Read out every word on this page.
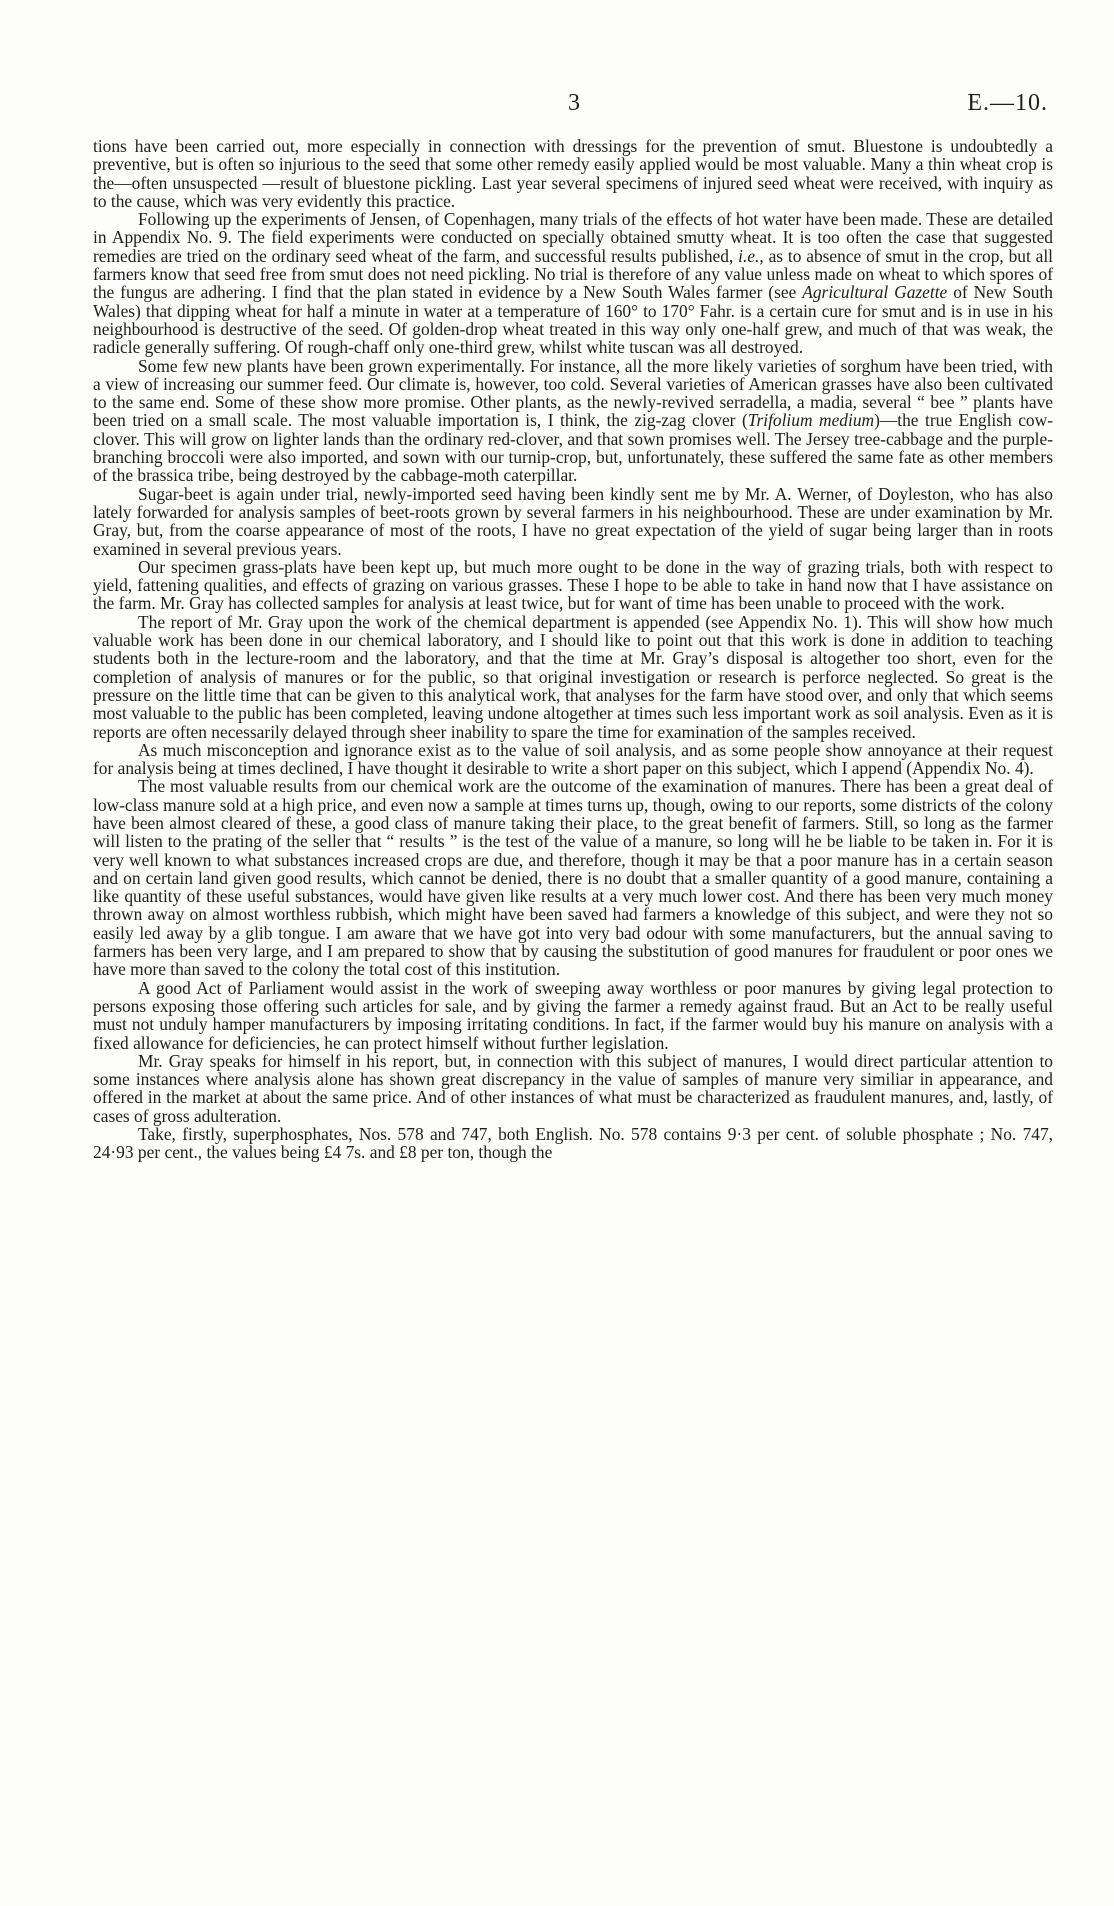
3	E.—10.

tions have been carried out, more especially in connection with dressings for the prevention of smut. Bluestone is undoubtedly a preventive, but is often so injurious to the seed that some other remedy easily applied would be most valuable. Many a thin wheat crop is the—often unsuspected —result of bluestone pickling. Last year several specimens of injured seed wheat were received, with inquiry as to the cause, which was very evidently this practice.

Following up the experiments of Jensen, of Copenhagen, many trials of the effects of hot water have been made. These are detailed in Appendix No. 9. The field experiments were conducted on specially obtained smutty wheat. It is too often the case that suggested remedies are tried on the ordinary seed wheat of the farm, and successful results published, i.e., as to absence of smut in the crop, but all farmers know that seed free from smut does not need pickling. No trial is therefore of any value unless made on wheat to which spores of the fungus are adhering. I find that the plan stated in evidence by a New South Wales farmer (see Agricultural Gazette of New South Wales) that dipping wheat for half a minute in water at a temperature of 160° to 170° Fahr. is a certain cure for smut and is in use in his neighbourhood is destructive of the seed. Of golden-drop wheat treated in this way only one-half grew, and much of that was weak, the radicle generally suffering. Of rough-chaff only one-third grew, whilst white tuscan was all destroyed.

Some few new plants have been grown experimentally. For instance, all the more likely varieties of sorghum have been tried, with a view of increasing our summer feed. Our climate is, however, too cold. Several varieties of American grasses have also been cultivated to the same end. Some of these show more promise. Other plants, as the newly-revived serradella, a madia, several “ bee ” plants have been tried on a small scale. The most valuable importation is, I think, the zig-zag clover (Trifolium medium)—the true English cow-clover. This will grow on lighter lands than the ordinary red-clover, and that sown promises well. The Jersey tree-cabbage and the purple-branching broccoli were also imported, and sown with our turnip-crop, but, unfortunately, these suffered the same fate as other members of the brassica tribe, being destroyed by the cabbage-moth caterpillar.

Sugar-beet is again under trial, newly-imported seed having been kindly sent me by Mr. A. Werner, of Doyleston, who has also lately forwarded for analysis samples of beet-roots grown by several farmers in his neighbourhood. These are under examination by Mr. Gray, but, from the coarse appearance of most of the roots, I have no great expectation of the yield of sugar being larger than in roots examined in several previous years.

Our specimen grass-plats have been kept up, but much more ought to be done in the way of grazing trials, both with respect to yield, fattening qualities, and effects of grazing on various grasses. These I hope to be able to take in hand now that I have assistance on the farm. Mr. Gray has collected samples for analysis at least twice, but for want of time has been unable to proceed with the work.

The report of Mr. Gray upon the work of the chemical department is appended (see Appendix No. 1). This will show how much valuable work has been done in our chemical laboratory, and I should like to point out that this work is done in addition to teaching students both in the lecture-room and the laboratory, and that the time at Mr. Gray’s disposal is altogether too short, even for the completion of analysis of manures or for the public, so that original investigation or research is perforce neglected. So great is the pressure on the little time that can be given to this analytical work, that analyses for the farm have stood over, and only that which seems most valuable to the public has been completed, leaving undone altogether at times such less important work as soil analysis. Even as it is reports are often necessarily delayed through sheer inability to spare the time for examination of the samples received.

As much misconception and ignorance exist as to the value of soil analysis, and as some people show annoyance at their request for analysis being at times declined, I have thought it desirable to write a short paper on this subject, which I append (Appendix No. 4).

The most valuable results from our chemical work are the outcome of the examination of manures. There has been a great deal of low-class manure sold at a high price, and even now a sample at times turns up, though, owing to our reports, some districts of the colony have been almost cleared of these, a good class of manure taking their place, to the great benefit of farmers. Still, so long as the farmer will listen to the prating of the seller that “ results ” is the test of the value of a manure, so long will he be liable to be taken in. For it is very well known to what substances increased crops are due, and therefore, though it may be that a poor manure has in a certain season and on certain land given good results, which cannot be denied, there is no doubt that a smaller quantity of a good manure, containing a like quantity of these useful substances, would have given like results at a very much lower cost. And there has been very much money thrown away on almost worthless rubbish, which might have been saved had farmers a knowledge of this subject, and were they not so easily led away by a glib tongue. I am aware that we have got into very bad odour with some manufacturers, but the annual saving to farmers has been very large, and I am prepared to show that by causing the substitution of good manures for fraudulent or poor ones we have more than saved to the colony the total cost of this institution.

A good Act of Parliament would assist in the work of sweeping away worthless or poor manures by giving legal protection to persons exposing those offering such articles for sale, and by giving the farmer a remedy against fraud. But an Act to be really useful must not unduly hamper manufacturers by imposing irritating conditions. In fact, if the farmer would buy his manure on analysis with a fixed allowance for deficiencies, he can protect himself without further legislation.

Mr. Gray speaks for himself in his report, but, in connection with this subject of manures, I would direct particular attention to some instances where analysis alone has shown great discrepancy in the value of samples of manure very similiar in appearance, and offered in the market at about the same price. And of other instances of what must be characterized as fraudulent manures, and, lastly, of cases of gross adulteration.

Take, firstly, superphosphates, Nos. 578 and 747, both English. No. 578 contains 9·3 per cent. of soluble phosphate ; No. 747, 24·93 per cent., the values being £4 7s. and £8 per ton, though the
